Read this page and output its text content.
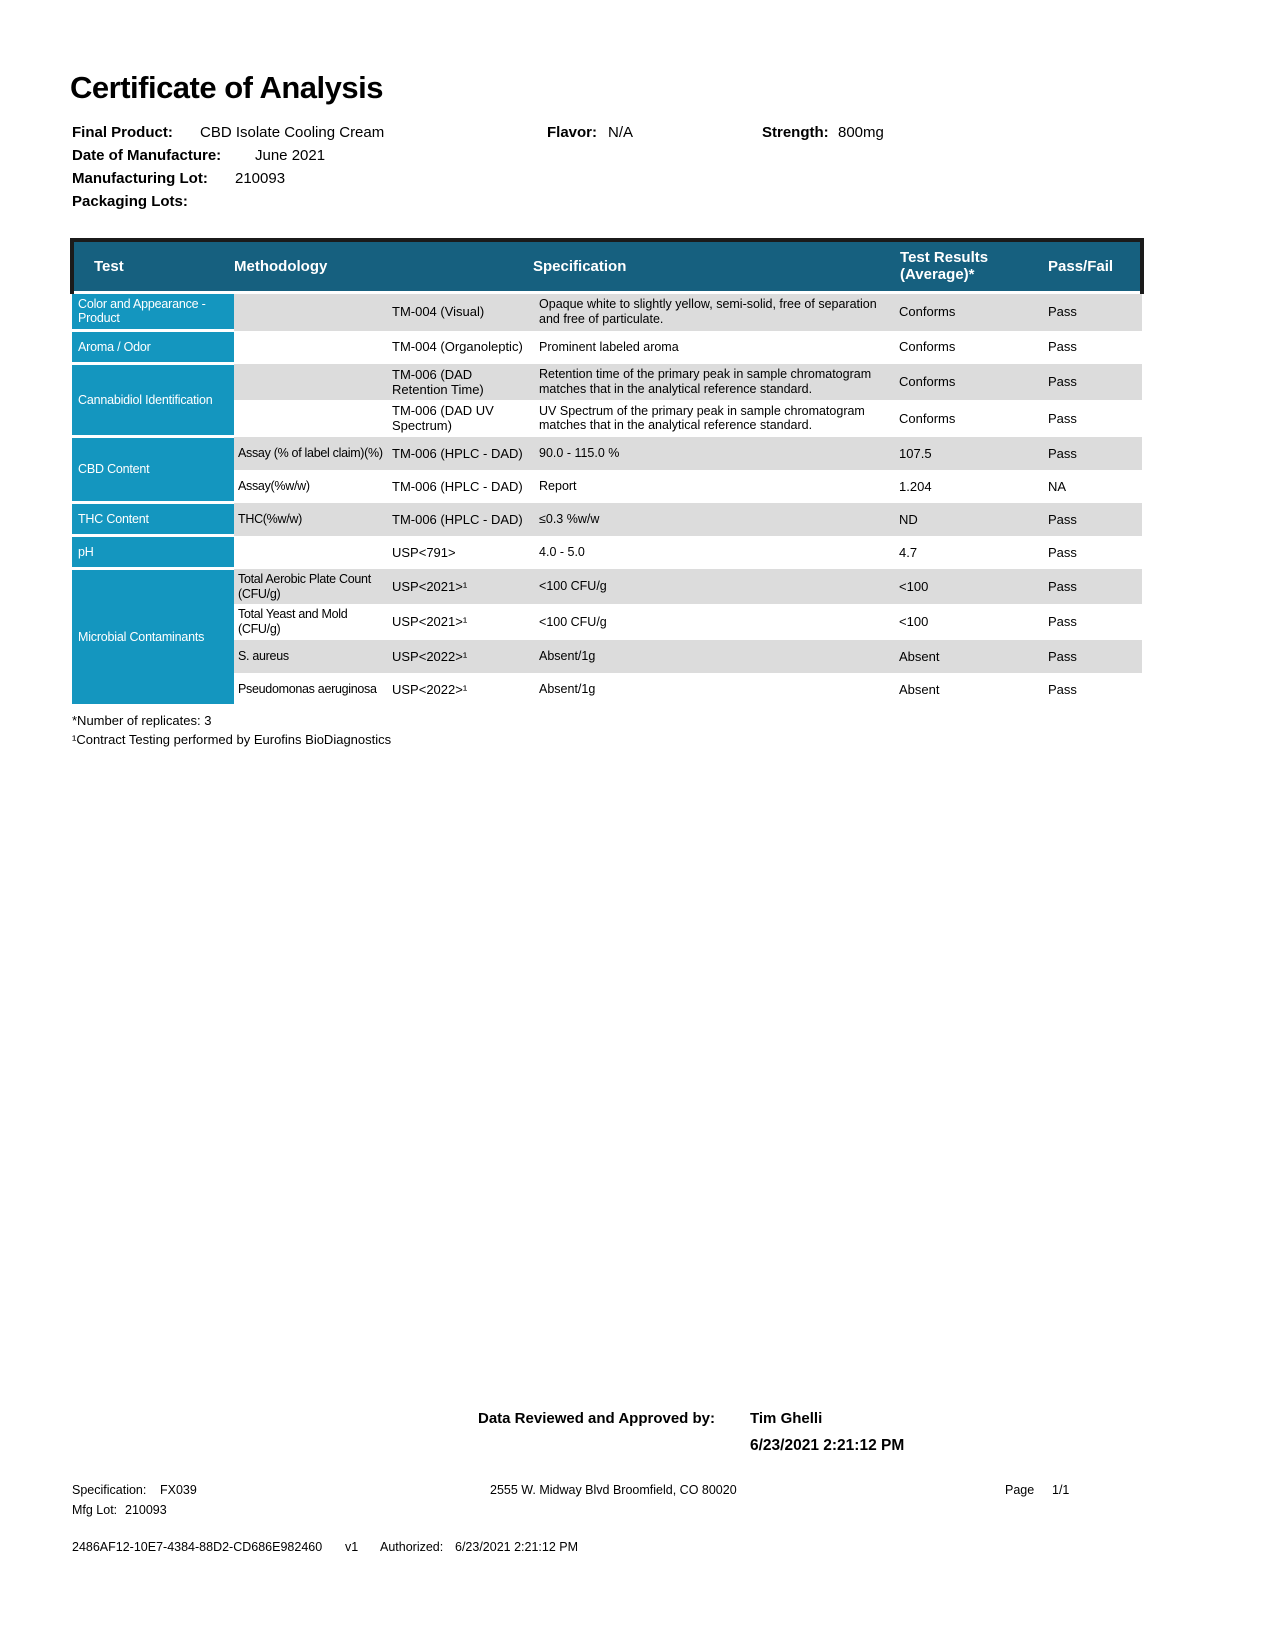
Certificate of Analysis
Final Product: CBD Isolate Cooling Cream	Flavor: N/A	Strength: 800mg
Date of Manufacture: June 2021
Manufacturing Lot: 210093
Packaging Lots:
Test	Methodology		Specification	Test Results (Average)*	Pass/Fail
Color and Appearance - Product		TM-004 (Visual)	Opaque white to slightly yellow, semi-solid, free of separation and free of particulate.	Conforms	Pass
Aroma / Odor		TM-004 (Organoleptic)	Prominent labeled aroma	Conforms	Pass
Cannabidiol Identification		TM-006 (DAD Retention Time)	Retention time of the primary peak in sample chromatogram matches that in the analytical reference standard.	Conforms	Pass
		TM-006 (DAD UV Spectrum)	UV Spectrum of the primary peak in sample chromatogram matches that in the analytical reference standard.	Conforms	Pass
CBD Content	Assay (% of label claim)(%)	TM-006 (HPLC - DAD)	90.0 - 115.0 %	107.5	Pass
	Assay(%w/w)	TM-006 (HPLC - DAD)	Report	1.204	NA
THC Content	THC(%w/w)	TM-006 (HPLC - DAD)	≤0.3 %w/w	ND	Pass
pH		USP<791>	4.0 - 5.0	4.7	Pass
Microbial Contaminants	Total Aerobic Plate Count (CFU/g)	USP<2021>¹	<100 CFU/g	<100	Pass
	Total Yeast and Mold (CFU/g)	USP<2021>¹	<100 CFU/g	<100	Pass
	S. aureus	USP<2022>¹	Absent/1g	Absent	Pass
	Pseudomonas aeruginosa	USP<2022>¹	Absent/1g	Absent	Pass
*Number of replicates: 3
¹Contract Testing performed by Eurofins BioDiagnostics
Data Reviewed and Approved by: Tim Ghelli
6/23/2021 2:21:12 PM
Specification: FX039	2555 W. Midway Blvd Broomfield, CO 80020	Page 1/1
Mfg Lot: 210093
2486AF12-10E7-4384-88D2-CD686E982460 v1 Authorized: 6/23/2021 2:21:12 PM
